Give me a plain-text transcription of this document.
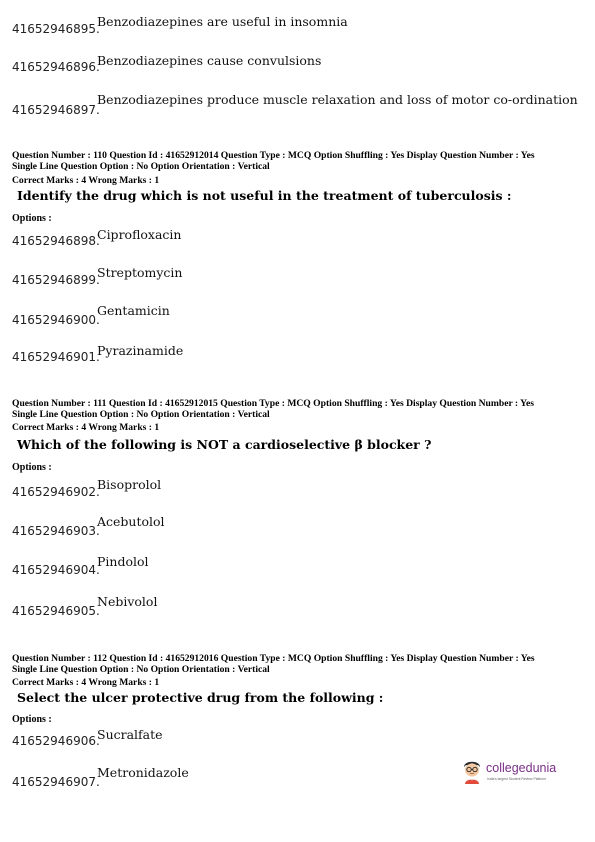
41652946895.
Benzodiazepines are useful in insomnia
41652946896.
Benzodiazepines cause convulsions
41652946897.
Benzodiazepines produce muscle relaxation and loss of motor co-ordination
Question Number : 110 Question Id : 41652912014 Question Type : MCQ Option Shuffling : Yes Display Question Number : Yes
Single Line Question Option : No Option Orientation : Vertical
Correct Marks : 4 Wrong Marks : 1
Identify the drug which is not useful in the treatment of tuberculosis :
Options :
41652946898.
Ciprofloxacin
41652946899.
Streptomycin
41652946900.
Gentamicin
41652946901.
Pyrazinamide
Question Number : 111 Question Id : 41652912015 Question Type : MCQ Option Shuffling : Yes Display Question Number : Yes
Single Line Question Option : No Option Orientation : Vertical
Correct Marks : 4 Wrong Marks : 1
Which of the following is NOT a cardioselective β blocker ?
Options :
41652946902.
Bisoprolol
41652946903.
Acebutolol
41652946904.
Pindolol
41652946905.
Nebivolol
Question Number : 112 Question Id : 41652912016 Question Type : MCQ Option Shuffling : Yes Display Question Number : Yes
Single Line Question Option : No Option Orientation : Vertical
Correct Marks : 4 Wrong Marks : 1
Select the ulcer protective drug from the following :
Options :
41652946906.
Sucralfate
41652946907.
Metronidazole	collegedunia
India's largest Student Review Platform
